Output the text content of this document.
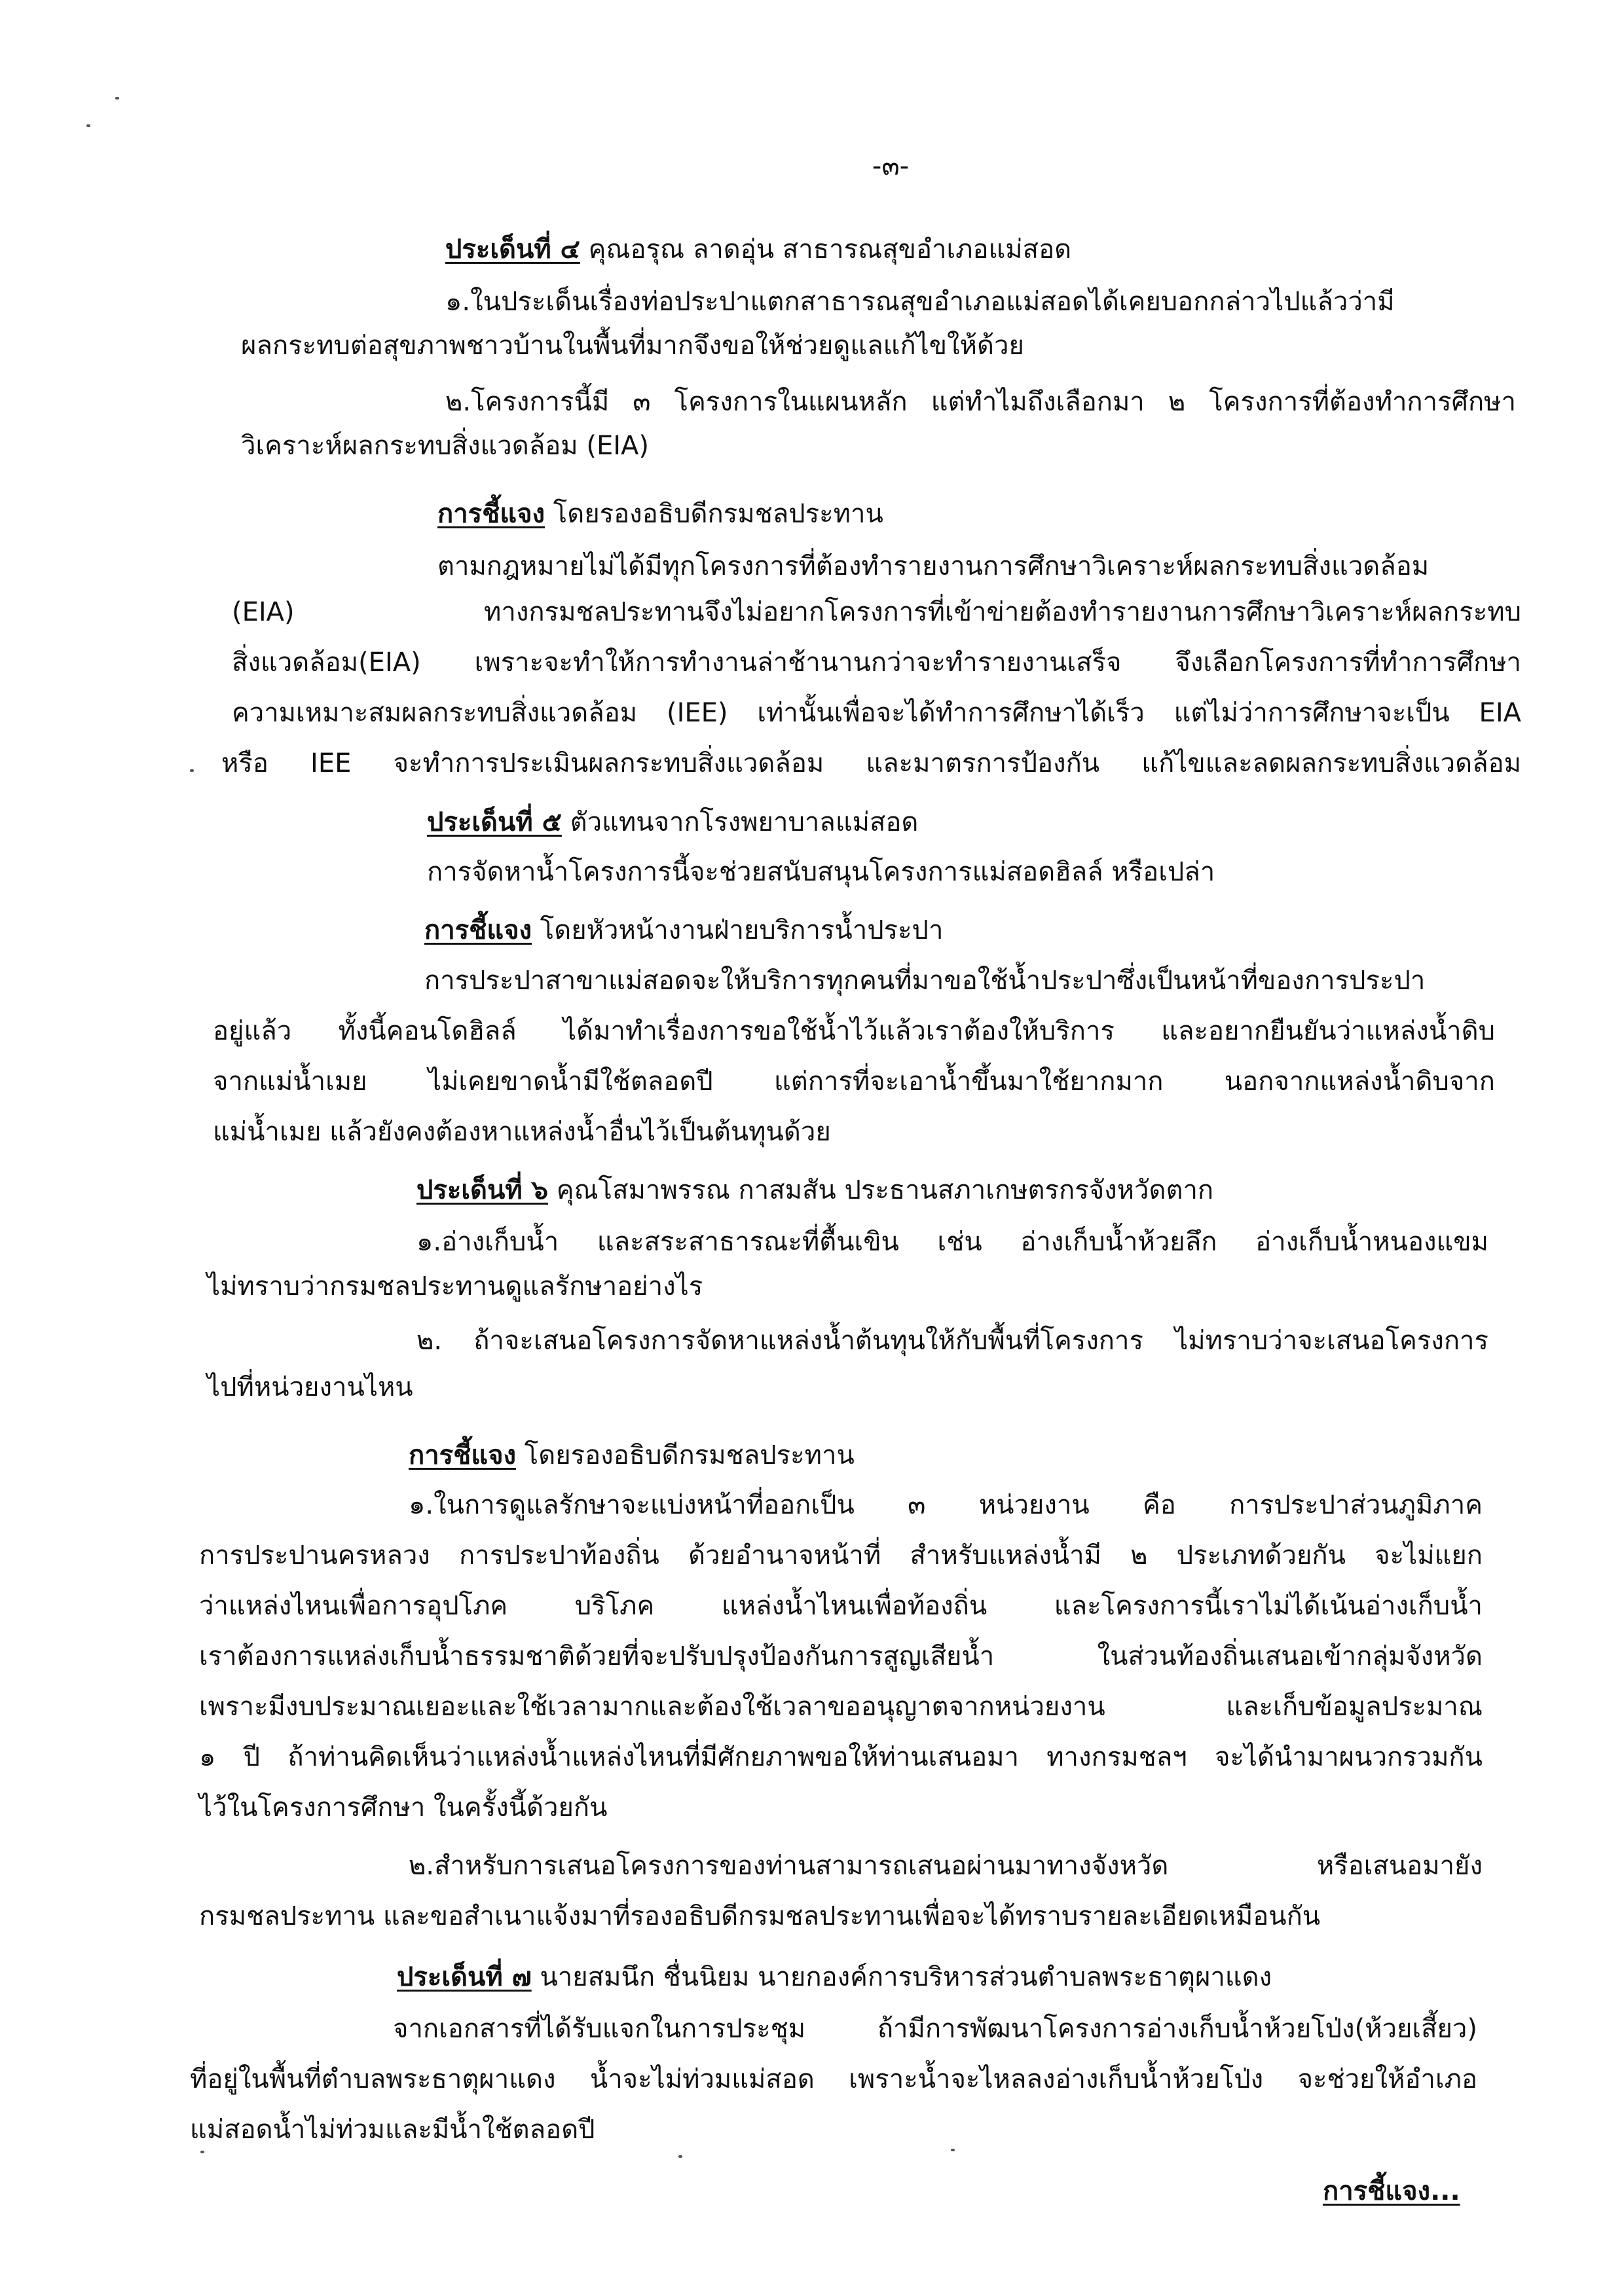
-๓-

ประเด็นที่ ๔ คุณอรุณ ลาดอุ่น สาธารณสุขอำเภอแม่สอด

๑.ในประเด็นเรื่องท่อประปาแตกสาธารณสุขอำเภอแม่สอดได้เคยบอกกล่าวไปแล้วว่ามี

ผลกระทบต่อสุขภาพชาวบ้านในพื้นที่มากจึงขอให้ช่วยดูแลแก้ไขให้ด้วย

๒.โครงการนี้มี ๓ โครงการในแผนหลัก แต่ทำไมถึงเลือกมา ๒ โครงการที่ต้องทำการศึกษา

วิเคราะห์ผลกระทบสิ่งแวดล้อม (EIA)

การชี้แจง โดยรองอธิบดีกรมชลประทาน

ตามกฎหมายไม่ได้มีทุกโครงการที่ต้องทำรายงานการศึกษาวิเคราะห์ผลกระทบสิ่งแวดล้อม

(EIA) ทางกรมชลประทานจึงไม่อยากโครงการที่เข้าข่ายต้องทำรายงานการศึกษาวิเคราะห์ผลกระทบ

สิ่งแวดล้อม(EIA) เพราะจะทำให้การทำงานล่าช้านานกว่าจะทำรายงานเสร็จ จึงเลือกโครงการที่ทำการศึกษา

ความเหมาะสมผลกระทบสิ่งแวดล้อม (IEE) เท่านั้นเพื่อจะได้ทำการศึกษาได้เร็ว แต่ไม่ว่าการศึกษาจะเป็น EIA

หรือ IEE จะทำการประเมินผลกระทบสิ่งแวดล้อม และมาตรการป้องกัน แก้ไขและลดผลกระทบสิ่งแวดล้อม

ประเด็นที่ ๕ ตัวแทนจากโรงพยาบาลแม่สอด

การจัดหาน้ำโครงการนี้จะช่วยสนับสนุนโครงการแม่สอดฮิลล์ หรือเปล่า

การชี้แจง โดยหัวหน้างานฝ่ายบริการน้ำประปา

การประปาสาขาแม่สอดจะให้บริการทุกคนที่มาขอใช้น้ำประปาซึ่งเป็นหน้าที่ของการประปา

อยู่แล้ว ทั้งนี้คอนโดฮิลล์ ได้มาทำเรื่องการขอใช้น้ำไว้แล้วเราต้องให้บริการ และอยากยืนยันว่าแหล่งน้ำดิบ

จากแม่น้ำเมย ไม่เคยขาดน้ำมีใช้ตลอดปี แต่การที่จะเอาน้ำขึ้นมาใช้ยากมาก นอกจากแหล่งน้ำดิบจาก

แม่น้ำเมย แล้วยังคงต้องหาแหล่งน้ำอื่นไว้เป็นต้นทุนด้วย

ประเด็นที่ ๖ คุณโสมาพรรณ กาสมสัน ประธานสภาเกษตรกรจังหวัดตาก

๑.อ่างเก็บน้ำ และสระสาธารณะที่ตื้นเขิน เช่น อ่างเก็บน้ำห้วยลึก อ่างเก็บน้ำหนองแขม

ไม่ทราบว่ากรมชลประทานดูแลรักษาอย่างไร

๒. ถ้าจะเสนอโครงการจัดหาแหล่งน้ำต้นทุนให้กับพื้นที่โครงการ ไม่ทราบว่าจะเสนอโครงการ

ไปที่หน่วยงานไหน

การชี้แจง โดยรองอธิบดีกรมชลประทาน

๑.ในการดูแลรักษาจะแบ่งหน้าที่ออกเป็น ๓ หน่วยงาน คือ การประปาส่วนภูมิภาค

การประปานครหลวง การประปาท้องถิ่น ด้วยอำนาจหน้าที่ สำหรับแหล่งน้ำมี ๒ ประเภทด้วยกัน จะไม่แยก

ว่าแหล่งไหนเพื่อการอุปโภค บริโภค แหล่งน้ำไหนเพื่อท้องถิ่น และโครงการนี้เราไม่ได้เน้นอ่างเก็บน้ำ

เราต้องการแหล่งเก็บน้ำธรรมชาติด้วยที่จะปรับปรุงป้องกันการสูญเสียน้ำ ในส่วนท้องถิ่นเสนอเข้ากลุ่มจังหวัด

เพราะมีงบประมาณเยอะและใช้เวลามากและต้องใช้เวลาขออนุญาตจากหน่วยงาน และเก็บข้อมูลประมาณ

๑ ปี ถ้าท่านคิดเห็นว่าแหล่งน้ำแหล่งไหนที่มีศักยภาพขอให้ท่านเสนอมา ทางกรมชลฯ จะได้นำมาผนวกรวมกัน

ไว้ในโครงการศึกษา ในครั้งนี้ด้วยกัน

๒.สำหรับการเสนอโครงการของท่านสามารถเสนอผ่านมาทางจังหวัด หรือเสนอมายัง

กรมชลประทาน และขอสำเนาแจ้งมาที่รองอธิบดีกรมชลประทานเพื่อจะได้ทราบรายละเอียดเหมือนกัน

ประเด็นที่ ๗ นายสมนึก ชื่นนิยม นายกองค์การบริหารส่วนตำบลพระธาตุผาแดง

จากเอกสารที่ได้รับแจกในการประชุม ถ้ามีการพัฒนาโครงการอ่างเก็บน้ำห้วยโป่ง(ห้วยเสี้ยว)

ที่อยู่ในพื้นที่ตำบลพระธาตุผาแดง น้ำจะไม่ท่วมแม่สอด เพราะน้ำจะไหลลงอ่างเก็บน้ำห้วยโป่ง จะช่วยให้อำเภอ

แม่สอดน้ำไม่ท่วมและมีน้ำใช้ตลอดปี

การชี้แจง...
